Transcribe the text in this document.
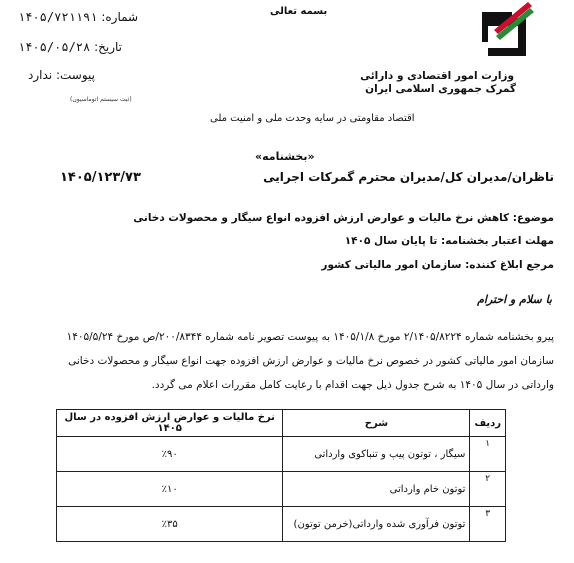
وزارت امور اقتصادی و دارائی
گمرک جمهوری اسلامی ایران
بسمه تعالی
شماره: ۱۴۰۵/۷۲۱۱۹۱
تاریخ: ۱۴۰۵/۰۵/۲۸
پیوست: ندارد
(ثبت سیستم اتوماسیون)
اقتصاد مقاومتی در سایه وحدت ملی و امنیت ملی
«بخشنامه»
ناظران/مدیران کل/مدیران محترم گمرکات اجرایی
۱۴۰۵/۱۲۳/۷۳
موضوع: کاهش نرخ مالیات و عوارض ارزش افزوده انواع سیگار و محصولات دخانی
مهلت اعتبار بخشنامه: تا پایان سال ۱۴۰۵
مرجع ابلاغ کننده: سازمان امور مالیاتی کشور
با سلام و احترام
پیرو بخشنامه شماره ۲/۱۴۰۵/۸۲۲۴ مورخ ۱۴۰۵/۱/۸ به پیوست تصویر نامه شماره ۲۰۰/۸۳۴۴/ص مورخ ۱۴۰۵/۵/۲۴
سازمان امور مالیاتی کشور در خصوص نرخ مالیات و عوارض ارزش افزوده جهت انواع سیگار و محصولات دخانی
وارداتی در سال ۱۴۰۵ به شرح جدول ذیل جهت اقدام با رعایت کامل مقررات اعلام می گردد.
ردیف	شرح	نرخ مالیات و عوارض ارزش افزوده در سال ۱۴۰۵
۱	سیگار ، توتون پیپ و تنباکوی وارداتی	٪۹۰
۲	توتون خام وارداتی	٪۱۰
۳	توتون فرآوری شده وارداتی(خرمن توتون)	٪۳۵
